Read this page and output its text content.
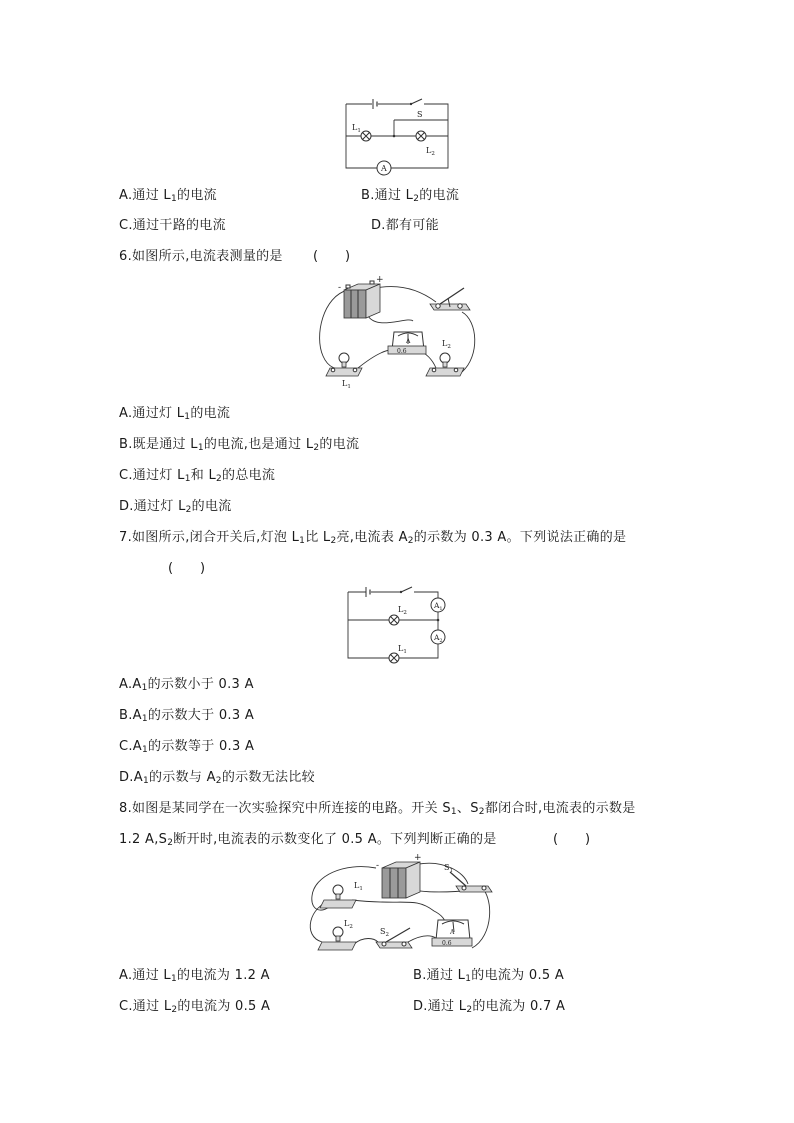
S
$L_1$
$L_2$
A
A.通过 $L_1$的电流	B.通过 $L_2$的电流
C.通过干路的电流	D.都有可能
6.如图所示,电流表测量的是 (　　)
-
+
0.6
A
$L_1$
$L_2$
A.通过灯 $L_1$的电流
B.既是通过 $L_1$的电流,也是通过 $L_2$的电流
C.通过灯 $L_1$和 $L_2$的总电流
D.通过灯 $L_2$的电流
7.如图所示,闭合开关后,灯泡 $L_1$比 $L_2$亮,电流表 $A_2$的示数为 0.3 A。下列说法正确的是
(　　)
$A_1$
$A_2$
$L_2$
$L_1$
$A.A_1$的示数小于 0.3 A
$B.A_1$的示数大于 0.3 A
$C.A_1$的示数等于 0.3 A
$D.A_1$的示数与 $A_2$的示数无法比较
8.如图是某同学在一次实验探究中所连接的电路。开关 $S_1$、$S_2$都闭合时,电流表的示数是
1.2 $A,S_2$断开时,电流表的示数变化了 0.5 A。下列判断正确的是	(　　)
-
+
$S_1$
$L_1$
$L_2$	$S_2$	A
0.6
A.通过 $L_1$的电流为 1.2 A	B.通过 $L_1$的电流为 0.5 A
C.通过 $L_2$的电流为 0.5 A	D.通过 $L_2$的电流为 0.7 A
